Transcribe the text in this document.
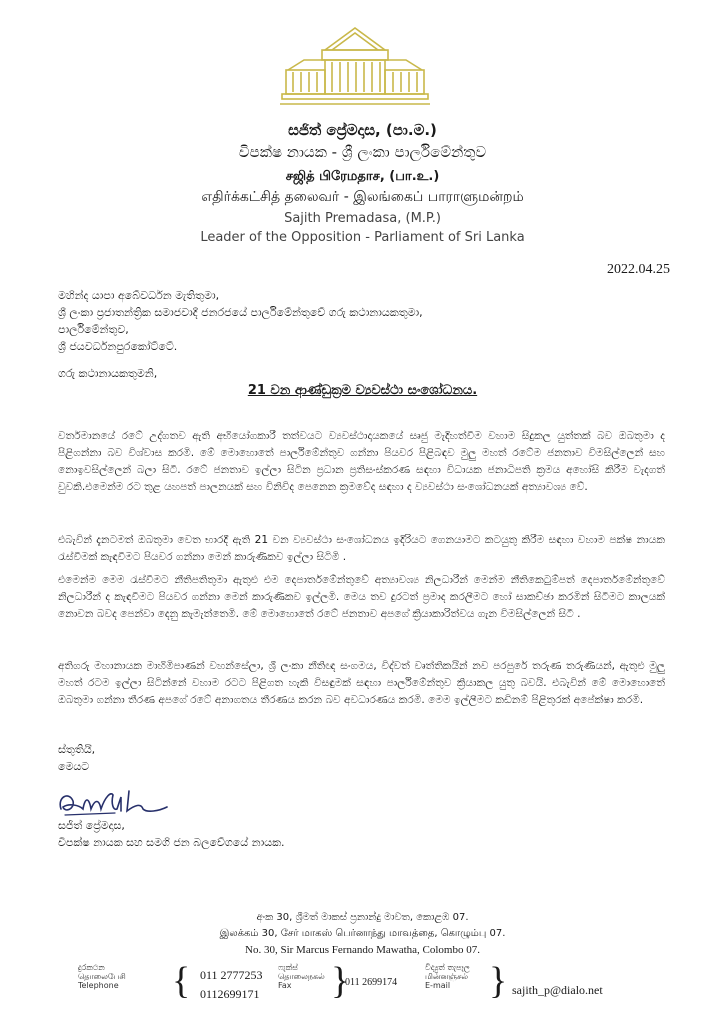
සජිත් ප්‍රේමදාස, (පා.ම.)
විපක්ෂ නායක - ශ්‍රී ලංකා පාර්ලිමේන්තුව
சஜித் பிரேமதாச, (பா.உ.)
எதிர்க்கட்சித் தலைவர் - இலங்கைப் பாராளுமன்றம்
Sajith Premadasa, (M.P.)
Leader of the Opposition - Parliament of Sri Lanka
2022.04.25
මහින්ද යාපා අබේවර්ධන මැතිතුමා,
ශ්‍රී ලංකා ප්‍රජාතන්ත්‍රික සමාජවාදී ජනරජයේ පාර්ලිමේන්තුවේ ගරු කථානායකතුමා,
පාර්ලිමේන්තුව,
ශ්‍රී ජයවර්ධනපුරකෝට්ටේ.
ගරු කථානායකතුමනි,
21 වන ආණ්ඩුක්‍රම ව්‍යවස්ථා සංශෝධනය.
වර්තමානයේ රටේ උද්ගතව ඇති අභියෝගකාරී තත්වයට ව්‍යවස්ථාදායකයේ සෘජු මැදිහත්වීම වහාම සිදුකල යුත්තක් බව ඔබතුමා ද පිළිගන්නා බව විශ්වාස කරමි. මේ මොහොතේ පාර්ලිමේන්තුව ගන්නා පියවර පිළිබඳව මුලු මහත් රටේම ජනතාව විමසිල්ලෙන් සහ නොඉවසිල්ලෙන් බලා සිටී. රටේ ජනතාව ඉල්ලා සිටින ප්‍රධාන ප්‍රතිසංස්කරණ සඳහා විධායක ජනාධිපති ක්‍රමය අහෝසි කිරීම වැදගත් වුවකි.එමෙන්ම රට තුළ යහපත් පාලනයක් සහ විනිවිද පෙනෙන ක්‍රමවේද සඳහා ද ව්‍යවස්ථා සංශෝධනයක් අත්‍යාවශ්‍ය වේ.
එබැවින් දැනටමත් ඔබතුමා වෙත භාරදී ඇති 21 වන ව්‍යවස්ථා සංශෝධනය ඉදිරියට ගෙනයාමට කටයුතු කිරීම සඳහා වහාම පක්ෂ නායක රැස්වීමක් කැඳවීමට පියවර ගන්නා මෙන් කාරුණිකව ඉල්ලා සිටිමි .
එමෙන්ම මෙම රැස්වීමට නීතිපතිතුමා ඇතුළු එම දෙපාර්තමේන්තුවේ අත්‍යාවශ්‍ය නිලධාරීන් මෙන්ම නීතිකෙටුම්පත් දෙපාර්තමේන්තුවේ නිලධාරීන් ද කැඳවීමට පියවර ගන්නා මෙන් කාරුණිකව ඉල්ලමි. මෙය තව දුරටත් ප්‍රමාද කරලීමට හෝ සාකච්ඡා කරමින් සිටීමට කාලයක් නොවන බවද පෙන්වා දෙනු කැමැත්තෙමි. මේ මොහොතේ රටේ ජනතාව අපගේ ක්‍රියාකාරිත්වය ගැන විමසිල්ලෙන් සිටී .
අතිගරු මහානායක මාහිමිපාණන් වහන්සේලා, ශ්‍රී ලංකා නීතිඥ සංගමය, විද්වත් වෘත්තිකයින් නව පරපුරේ තරුණ තරුණියන්, ඇතුළු මුලු මහත් රටම ඉල්ලා සිටින්නේ වහාම රටට පිළිගත හැකි විසඳුමක් සඳහා පාර්ලිමේන්තුව ක්‍රියාකල යුතු බවයි. එබැවින් මේ මොහොතේ ඔබතුමා ගන්නා තීරණ අපගේ රටේ අනාගතය තීරණය කරන බව අවධාරණය කරමි. මෙම ඉල්ලීමට කඩිනම් පිළිතුරක් අපේක්ෂා කරමි.
ස්තුතියි,
මෙයට
සජිත් ප්‍රේමදාස,
විපක්ෂ නායක සහ සමගි ජන බලවේගයේ නායක.
අංක 30, ශ්‍රීමත් මාකස් ප්‍රනාන්දු මාවත, කොළඹ 07.
இலக்கம் 30, சேர் மாகஸ் பெர்னாந்து மாவத்தை, கொழும்பு 07.
No. 30, Sir Marcus Fernando Mawatha, Colombo 07.
දුරකථන
தொலைபேசி
Telephone { 011 2777253
0112699171
ෆැක්ස්
தொலைநகல்
Fax	}
011 2699174
විද්‍යුත් තැපෑල
மின்னஞ்சல்
E-mail	} sajith_p@dialo.net
